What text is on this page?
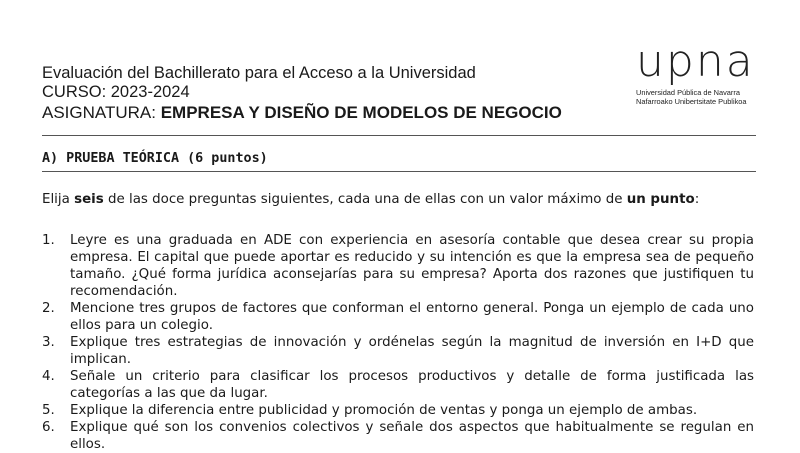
Evaluación del Bachillerato para el Acceso a la Universidad
CURSO: 2023-2024
ASIGNATURA: EMPRESA Y DISEÑO DE MODELOS DE NEGOCIO
upna
Universidad Pública de Navarra
Nafarroako Unibertsitate Publikoa
A) PRUEBA TEÓRICA (6 puntos)
Elija seis de las doce preguntas siguientes, cada una de ellas con un valor máximo de un punto:
1.	Leyre es una graduada en ADE con experiencia en asesoría contable que desea crear su propia empresa. El capital que puede aportar es reducido y su intención es que la empresa sea de pequeño tamaño. ¿Qué forma jurídica aconsejarías para su empresa? Aporta dos razones que justifiquen tu recomendación.
2.	Mencione tres grupos de factores que conforman el entorno general. Ponga un ejemplo de cada uno ellos para un colegio.
3.	Explique tres estrategias de innovación y ordénelas según la magnitud de inversión en I+D que implican.
4.	Señale un criterio para clasificar los procesos productivos y detalle de forma justificada las categorías a las que da lugar.
5.	Explique la diferencia entre publicidad y promoción de ventas y ponga un ejemplo de ambas.
6.	Explique qué son los convenios colectivos y señale dos aspectos que habitualmente se regulan en ellos.
